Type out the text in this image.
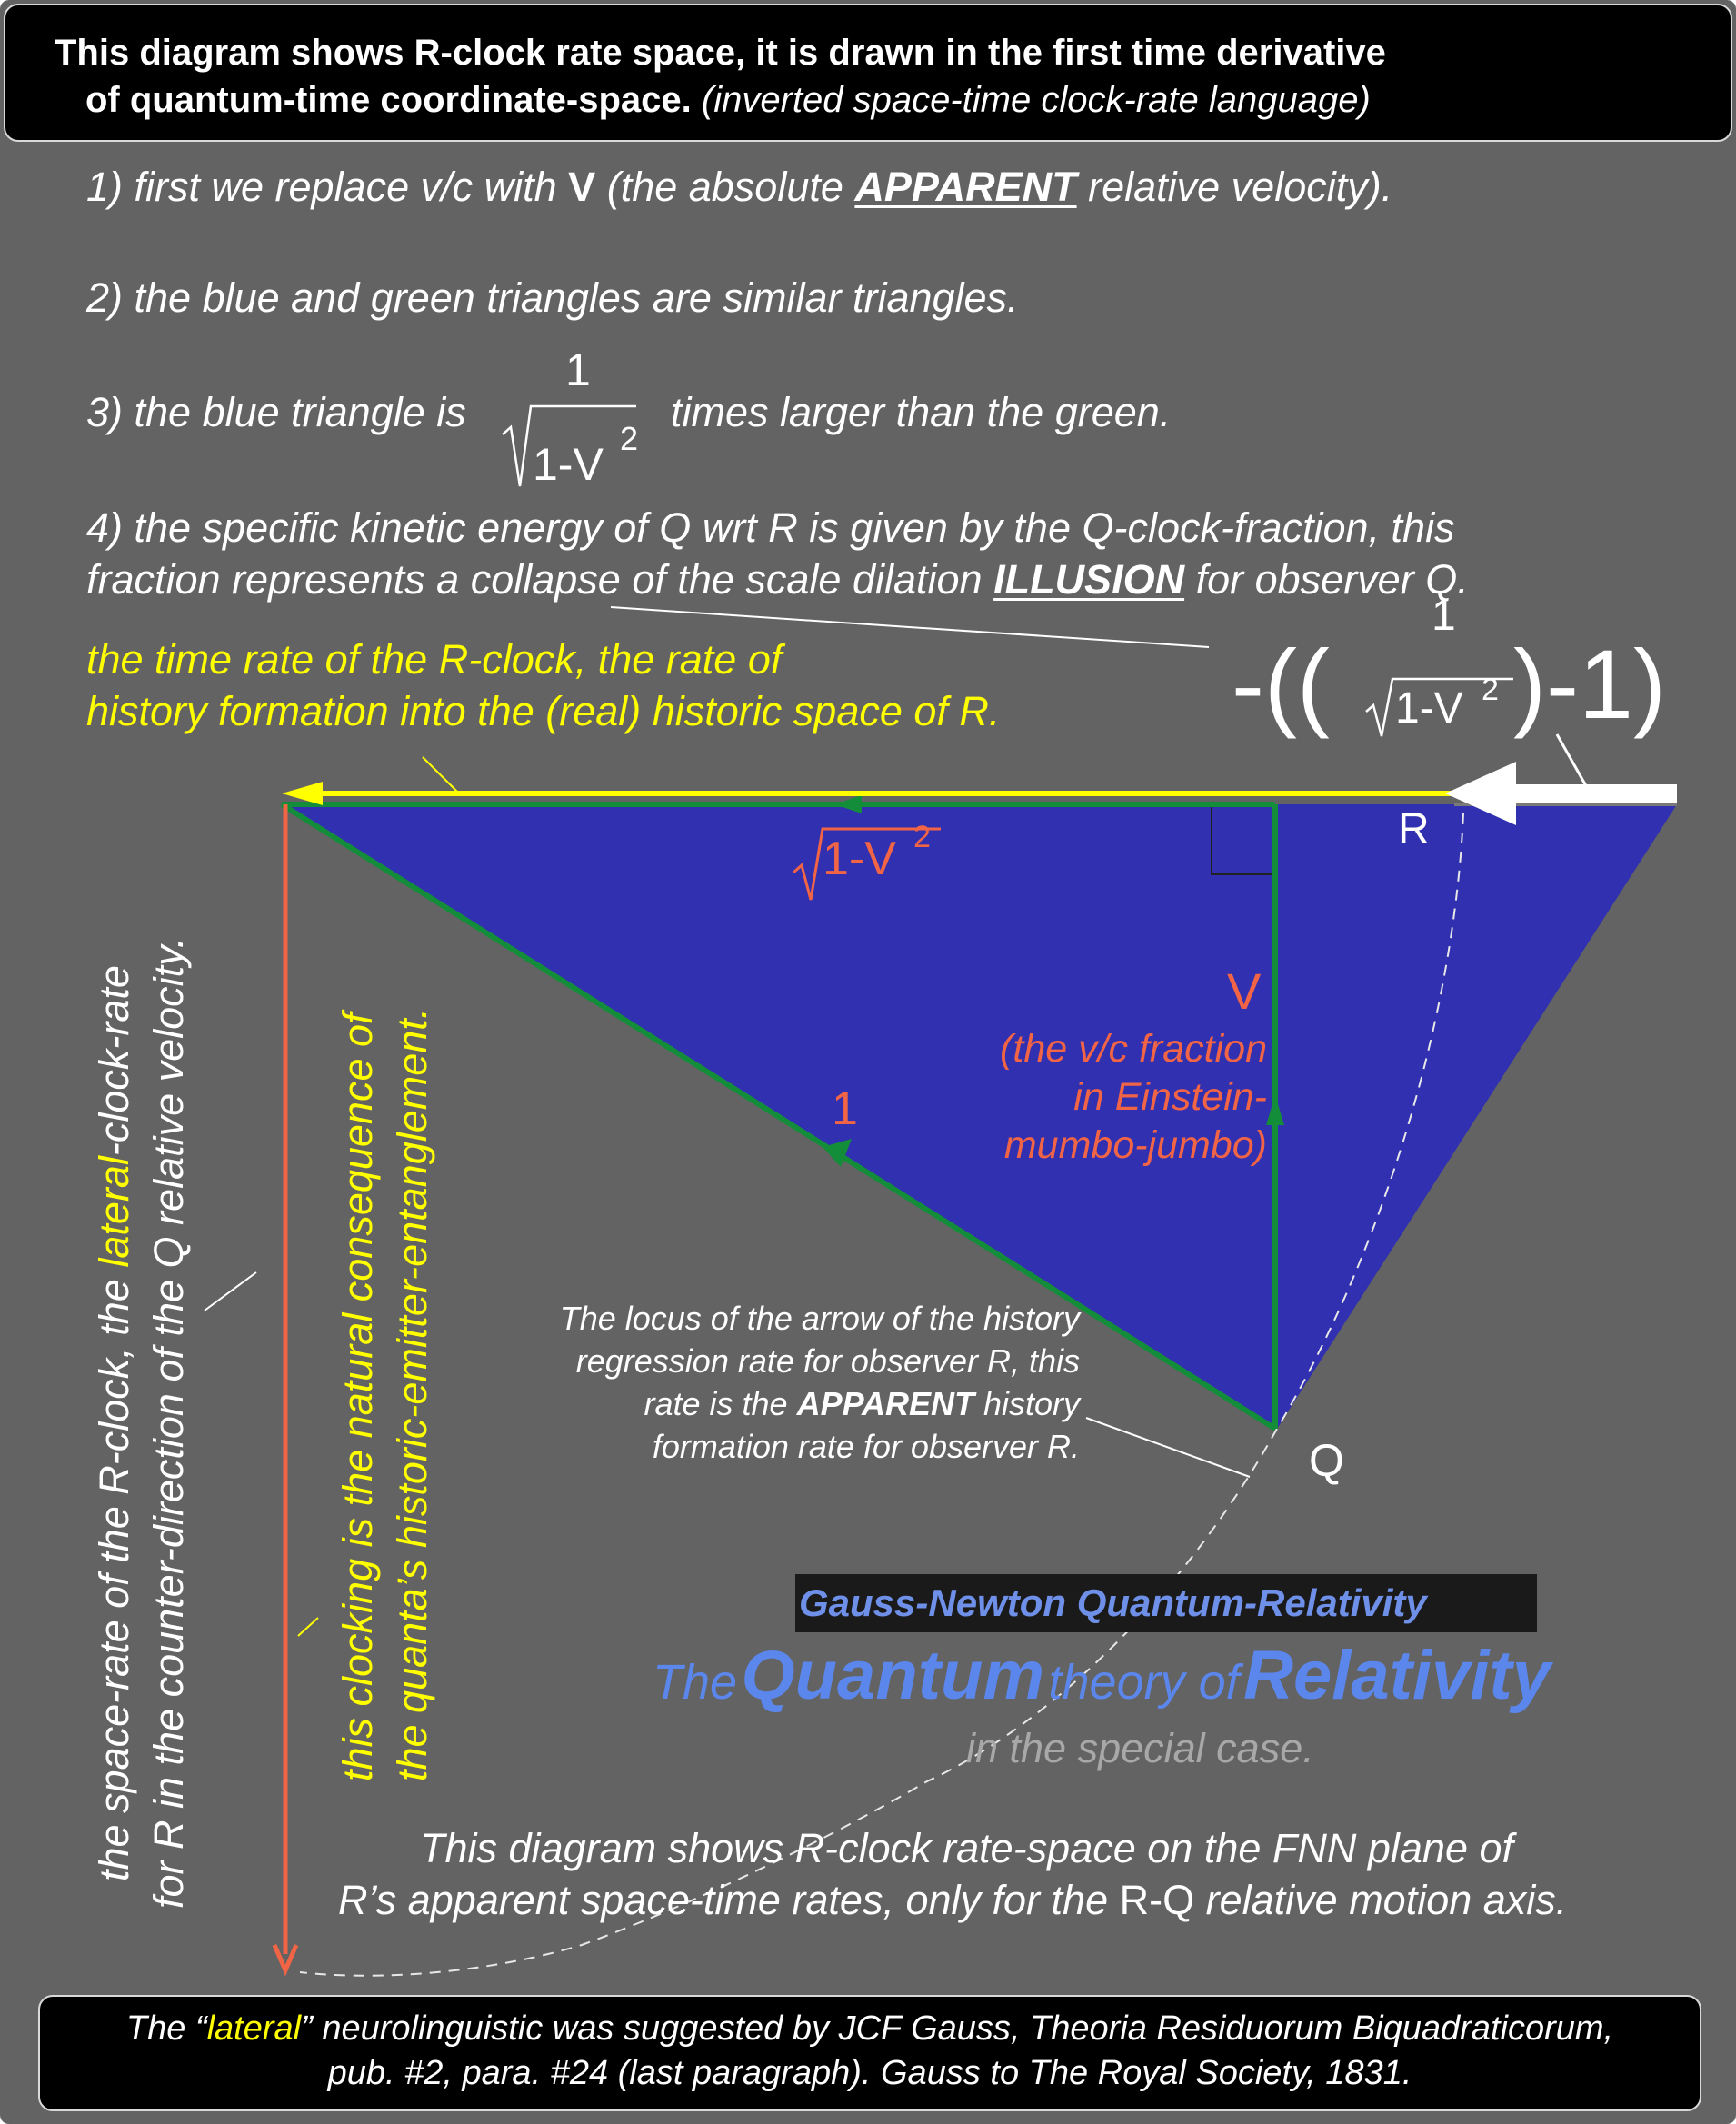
This diagram shows R-clock rate space, it is drawn in the first time derivative
of quantum-time coordinate-space. (inverted space-time clock-rate language)
1) first we replace v/c with V (the absolute APPARENT relative velocity).
2) the blue and green triangles are similar triangles.
3) the blue triangle is
1
1-V
2
times larger than the green.
4) the specific kinetic energy of Q wrt R is given by the Q-clock-fraction, this
fraction represents a collapse of the scale dilation ILLUSION for observer Q.
-((
1
1-V 2 )-1)
the time rate of the R-clock, the rate of
history formation into the (real) historic space of R.
R
Q
1-V 2
V
1
(the v/c fraction
in Einstein-
mumbo-jumbo)
The locus of the arrow of the history
regression rate for observer R, this
rate is the APPARENT history
formation rate for observer R.
the space-rate of the R-clock, the lateral-clock-rate for R in the counter-direction of the Q relative velocity.	this clocking is the natural consequence of the quanta’s historic-emitter-entanglement.	Gauss-Newton Quantum-Relativity
The Quantum theory of Relativity
in the special case.
This diagram shows R-clock rate-space on the FNN plane of
R’s apparent space-time rates, only for the R-Q relative motion axis.
The “lateral” neurolinguistic was suggested by JCF Gauss, Theoria Residuorum Biquadraticorum,
pub. #2, para. #24 (last paragraph). Gauss to The Royal Society, 1831.
